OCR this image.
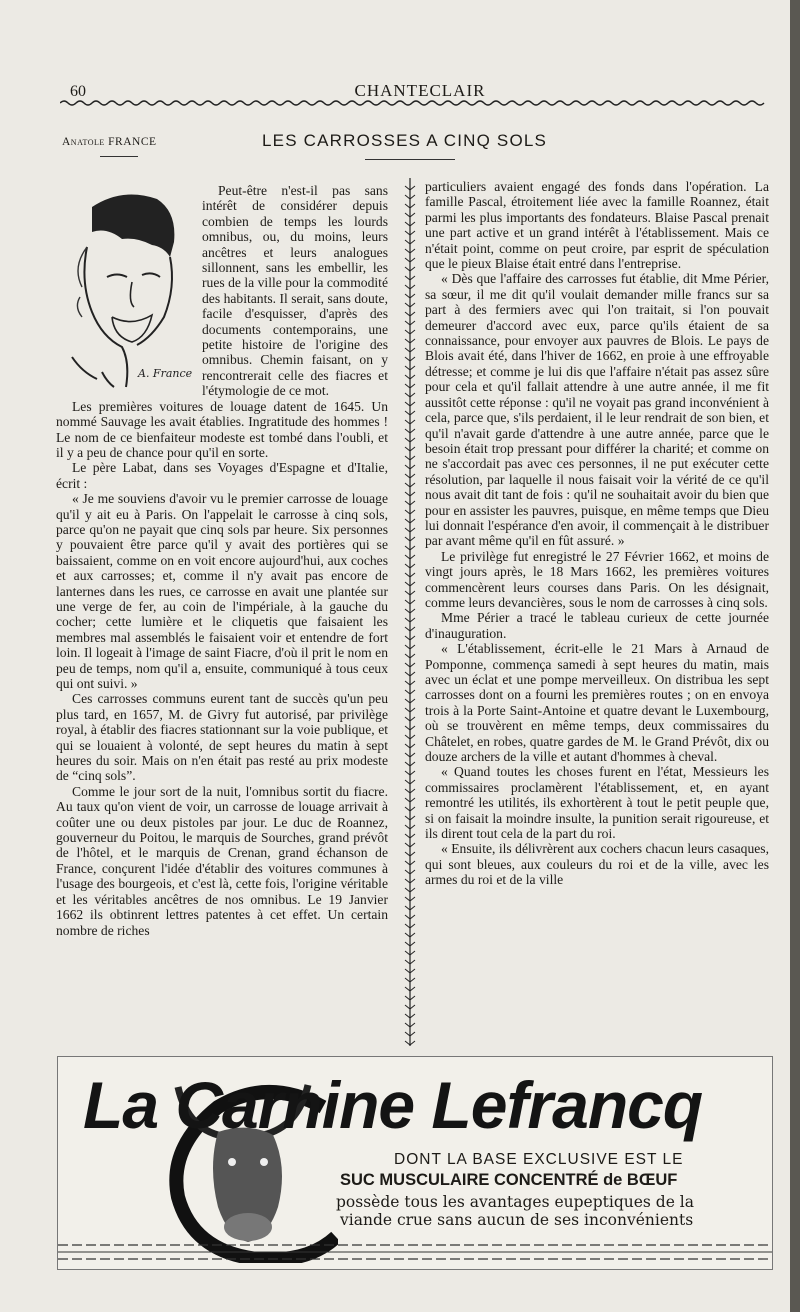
60	CHANTECLAIR
Anatole FRANCE	LES CARROSSES A CINQ SOLS
A. France

Peut-être n'est-il pas sans intérêt de considérer depuis combien de temps les lourds omnibus, ou, du moins, leurs ancêtres et leurs analogues sillonnent, sans les embellir, les rues de la ville pour la commodité des habitants. Il serait, sans doute, facile d'esquisser, d'après des documents contemporains, une petite histoire de l'origine des omnibus. Chemin faisant, on y rencontrerait celle des fiacres et l'étymologie de ce mot.

Les premières voitures de louage datent de 1645. Un nommé Sauvage les avait établies. Ingratitude des hommes ! Le nom de ce bienfaiteur modeste est tombé dans l'oubli, et il y a peu de chance pour qu'il en sorte.

Le père Labat, dans ses Voyages d'Espagne et d'Italie, écrit :

« Je me souviens d'avoir vu le premier carrosse de louage qu'il y ait eu à Paris. On l'appelait le carrosse à cinq sols, parce qu'on ne payait que cinq sols par heure. Six personnes y pouvaient être parce qu'il y avait des portières qui se baissaient, comme on en voit encore aujourd'hui, aux coches et aux carrosses; et, comme il n'y avait pas encore de lanternes dans les rues, ce carrosse en avait une plantée sur une verge de fer, au coin de l'impériale, à la gauche du cocher; cette lumière et le cliquetis que faisaient les membres mal assemblés le faisaient voir et entendre de fort loin. Il logeait à l'image de saint Fiacre, d'où il prit le nom en peu de temps, nom qu'il a, ensuite, communiqué à tous ceux qui ont suivi. »

Ces carrosses communs eurent tant de succès qu'un peu plus tard, en 1657, M. de Givry fut autorisé, par privilège royal, à établir des fiacres stationnant sur la voie publique, et qui se louaient à volonté, de sept heures du matin à sept heures du soir. Mais on n'en était pas resté au prix modeste de “cinq sols”.

Comme le jour sort de la nuit, l'omnibus sortit du fiacre. Au taux qu'on vient de voir, un carrosse de louage arrivait à coûter une ou deux pistoles par jour. Le duc de Roannez, gouverneur du Poitou, le marquis de Sourches, grand prévôt de l'hôtel, et le marquis de Crenan, grand échanson de France, conçurent l'idée d'établir des voitures communes à l'usage des bourgeois, et c'est là, cette fois, l'origine véritable et les véritables ancêtres de nos omnibus. Le 19 Janvier 1662 ils obtinrent lettres patentes à cet effet. Un certain nombre de riches

particuliers avaient engagé des fonds dans l'opération. La famille Pascal, étroitement liée avec la famille Roannez, était parmi les plus importants des fondateurs. Blaise Pascal prenait une part active et un grand intérêt à l'établissement. Mais ce n'était point, comme on peut croire, par esprit de spéculation que le pieux Blaise était entré dans l'entreprise.

« Dès que l'affaire des carrosses fut établie, dit Mme Périer, sa sœur, il me dit qu'il voulait demander mille francs sur sa part à des fermiers avec qui l'on traitait, si l'on pouvait demeurer d'accord avec eux, parce qu'ils étaient de sa connaissance, pour envoyer aux pauvres de Blois. Le pays de Blois avait été, dans l'hiver de 1662, en proie à une effroyable détresse; et comme je lui dis que l'affaire n'était pas assez sûre pour cela et qu'il fallait attendre à une autre année, il me fit aussitôt cette réponse : qu'il ne voyait pas grand inconvénient à cela, parce que, s'ils perdaient, il le leur rendrait de son bien, et qu'il n'avait garde d'attendre à une autre année, parce que le besoin était trop pressant pour différer la charité; et comme on ne s'accordait pas avec ces personnes, il ne put exécuter cette résolution, par laquelle il nous faisait voir la vérité de ce qu'il nous avait dit tant de fois : qu'il ne souhaitait avoir du bien que pour en assister les pauvres, puisque, en même temps que Dieu lui donnait l'espérance d'en avoir, il commençait à le distribuer par avant même qu'il en fût assuré. »

Le privilège fut enregistré le 27 Février 1662, et moins de vingt jours après, le 18 Mars 1662, les premières voitures commencèrent leurs courses dans Paris. On les désignait, comme leurs devancières, sous le nom de carrosses à cinq sols.

Mme Périer a tracé le tableau curieux de cette journée d'inauguration.

« L'établissement, écrit-elle le 21 Mars à Arnaud de Pomponne, commença samedi à sept heures du matin, mais avec un éclat et une pompe merveilleux. On distribua les sept carrosses dont on a fourni les premières routes ; on en envoya trois à la Porte Saint-Antoine et quatre devant le Luxembourg, où se trouvèrent en même temps, deux commissaires du Châtelet, en robes, quatre gardes de M. le Grand Prévôt, dix ou douze archers de la ville et autant d'hommes à cheval.

« Quand toutes les choses furent en l'état, Messieurs les commissaires proclamèrent l'établissement, et, en ayant remontré les utilités, ils exhortèrent à tout le petit peuple que, si on faisait la moindre insulte, la punition serait rigoureuse, et ils dirent tout cela de la part du roi.

« Ensuite, ils délivrèrent aux cochers chacun leurs casaques, qui sont bleues, aux couleurs du roi et de la ville, avec les armes du roi et de la ville

La Carnine Lefrancq
DONT LA BASE EXCLUSIVE EST LE
SUC MUSCULAIRE CONCENTRÉ de BŒUF
possède tous les avantages eupeptiques de la
viande crue sans aucun de ses inconvénients
